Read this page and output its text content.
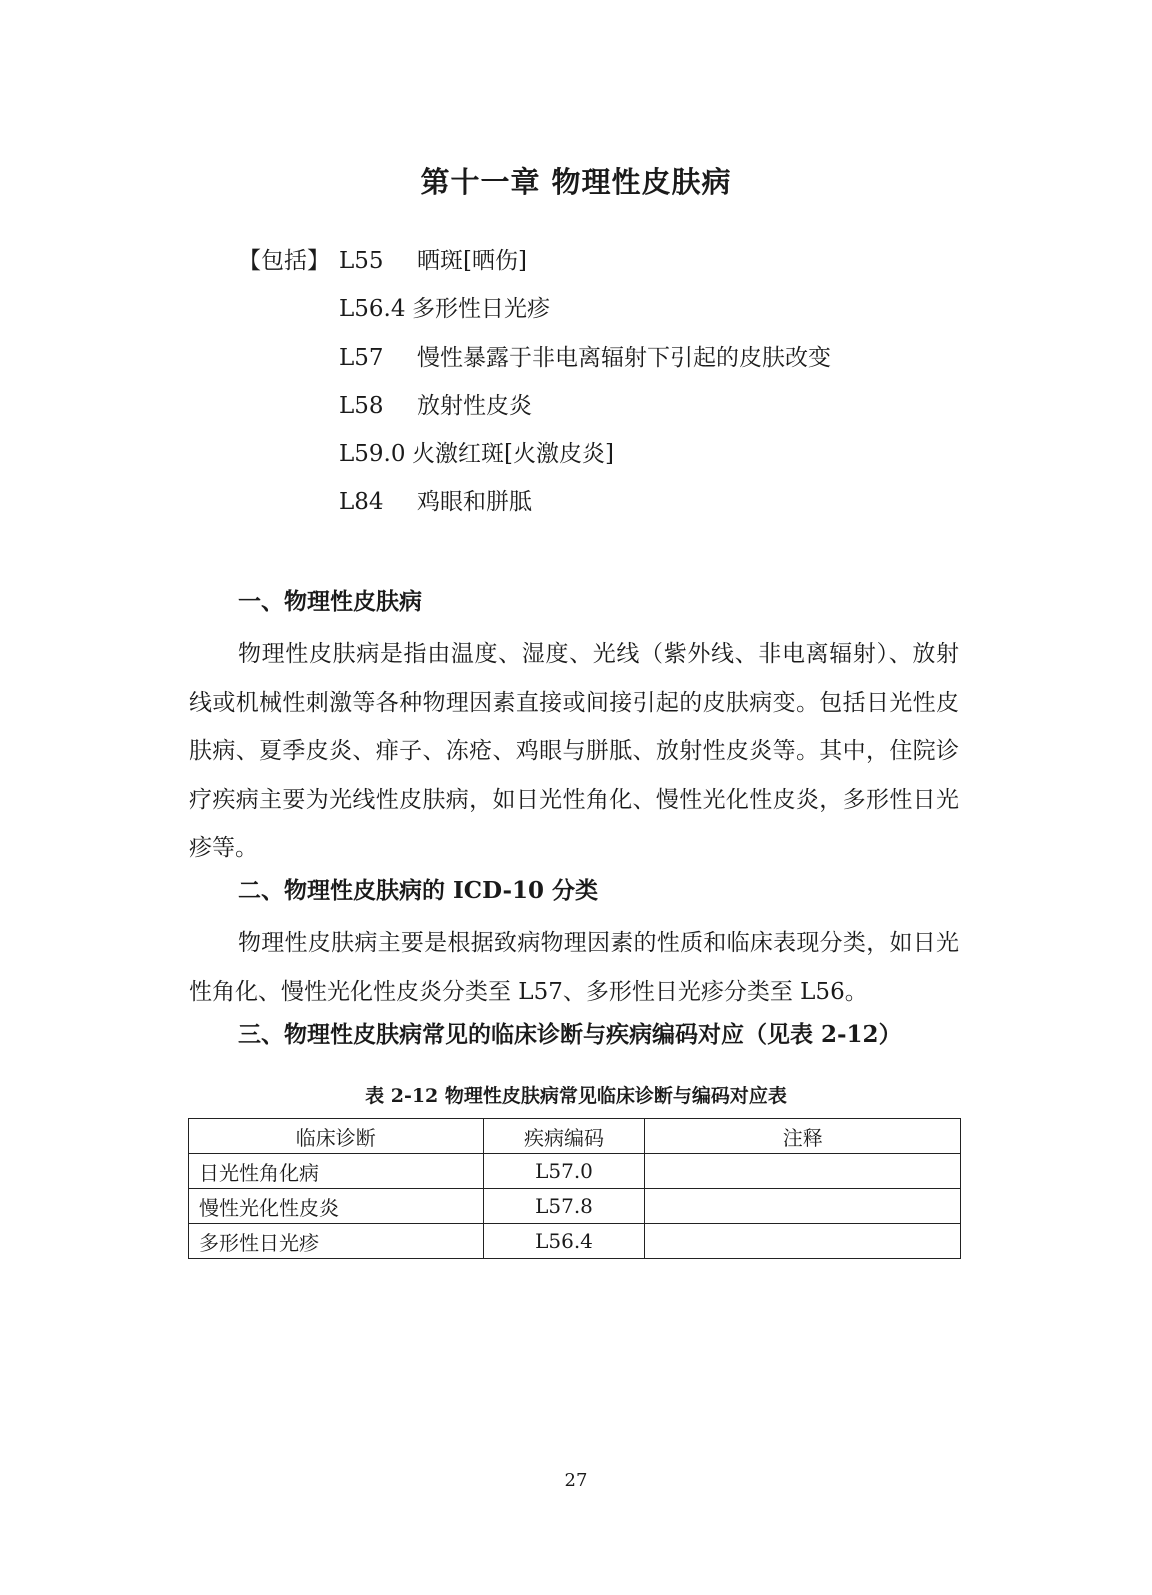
第十一章 物理性皮肤病
【包括】 L55 晒斑[晒伤]
L56.4 多形性日光疹
L57 慢性暴露于非电离辐射下引起的皮肤改变
L58 放射性皮炎
L59.0 火激红斑[火激皮炎]
L84 鸡眼和胼胝
一、物理性皮肤病

物理性皮肤病是指由温度、湿度、光线（紫外线、非电离辐射）、放射线或机械性刺激等各种物理因素直接或间接引起的皮肤病变。包括日光性皮肤病、夏季皮炎、痱子、冻疮、鸡眼与胼胝、放射性皮炎等。其中，住院诊疗疾病主要为光线性皮肤病，如日光性角化、慢性光化性皮炎，多形性日光疹等。

二、物理性皮肤病的 ICD-10 分类

物理性皮肤病主要是根据致病物理因素的性质和临床表现分类，如日光性角化、慢性光化性皮炎分类至 L57、多形性日光疹分类至 L56。

三、物理性皮肤病常见的临床诊断与疾病编码对应（见表 2-12）
表 2-12 物理性皮肤病常见临床诊断与编码对应表
临床诊断	疾病编码	注释
日光性角化病	L57.0	
慢性光化性皮炎	L57.8	
多形性日光疹	L56.4	
27
